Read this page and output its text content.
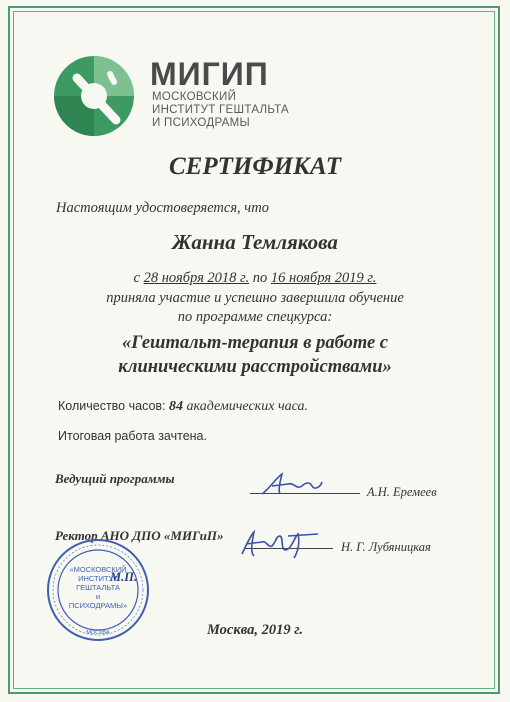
МИГИП
МОСКОВСКИЙ
ИНСТИТУТ ГЕШТАЛЬТА
И ПСИХОДРАМЫ
СЕРТИФИКАТ
Настоящим удостоверяется, что
Жанна Темлякова
с 28 ноября 2018 г. по 16 ноября 2019 г.
приняла участие и успешно завершила обучение
по программе спецкурса:
«Гештальт-терапия в работе с
клиническими расстройствами»
Количество часов: 84 академических часа.
Итоговая работа зачтена.
Ведущий программы
А.Н. Еремеев
Ректор АНО ДПО «МИГиП»
Н. Г. Лубяницкая
М.П.
«МОСКОВСКИЙ
ИНСТИТУТ
ГЕШТАЛЬТА
и
ПСИХОДРАМЫ»
МОСКВА	Москва, 2019 г.
